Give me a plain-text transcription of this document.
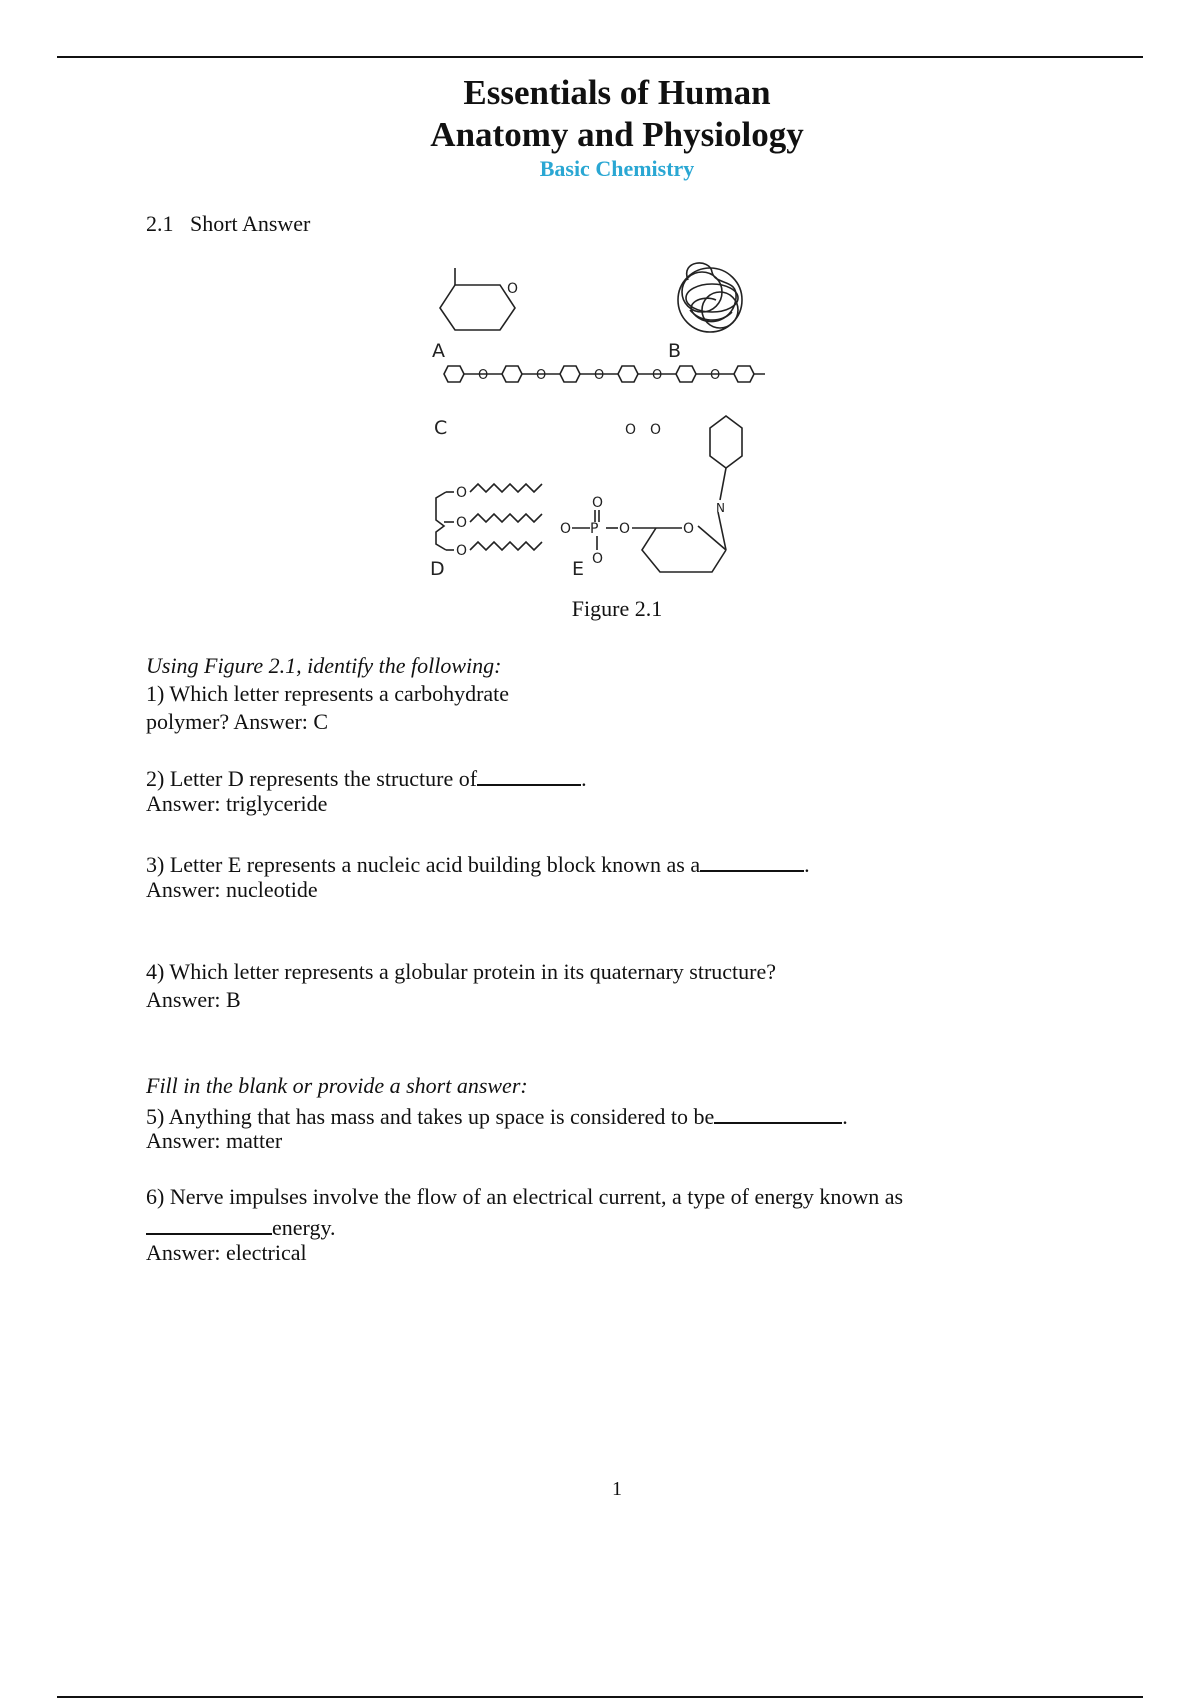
Essentials of Human
Anatomy and Physiology
Basic Chemistry
2.1 Short Answer
O
A	B
O	O	O	O	O
O O
C
O
O
O
D
O
O P O
O
O
N
E
Figure 2.1
Using Figure 2.1, identify the following:
1) Which letter represents a carbohydrate
polymer? Answer: C
2) Letter D represents the structure of	.
Answer: triglyceride
3) Letter E represents a nucleic acid building block known as a	.
Answer: nucleotide
4) Which letter represents a globular protein in its quaternary structure?
Answer: B
Fill in the blank or provide a short answer:
5) Anything that has mass and takes up space is considered to be	.
Answer: matter
6) Nerve impulses involve the flow of an electrical current, a type of energy known as
energy.
Answer: electrical
1
